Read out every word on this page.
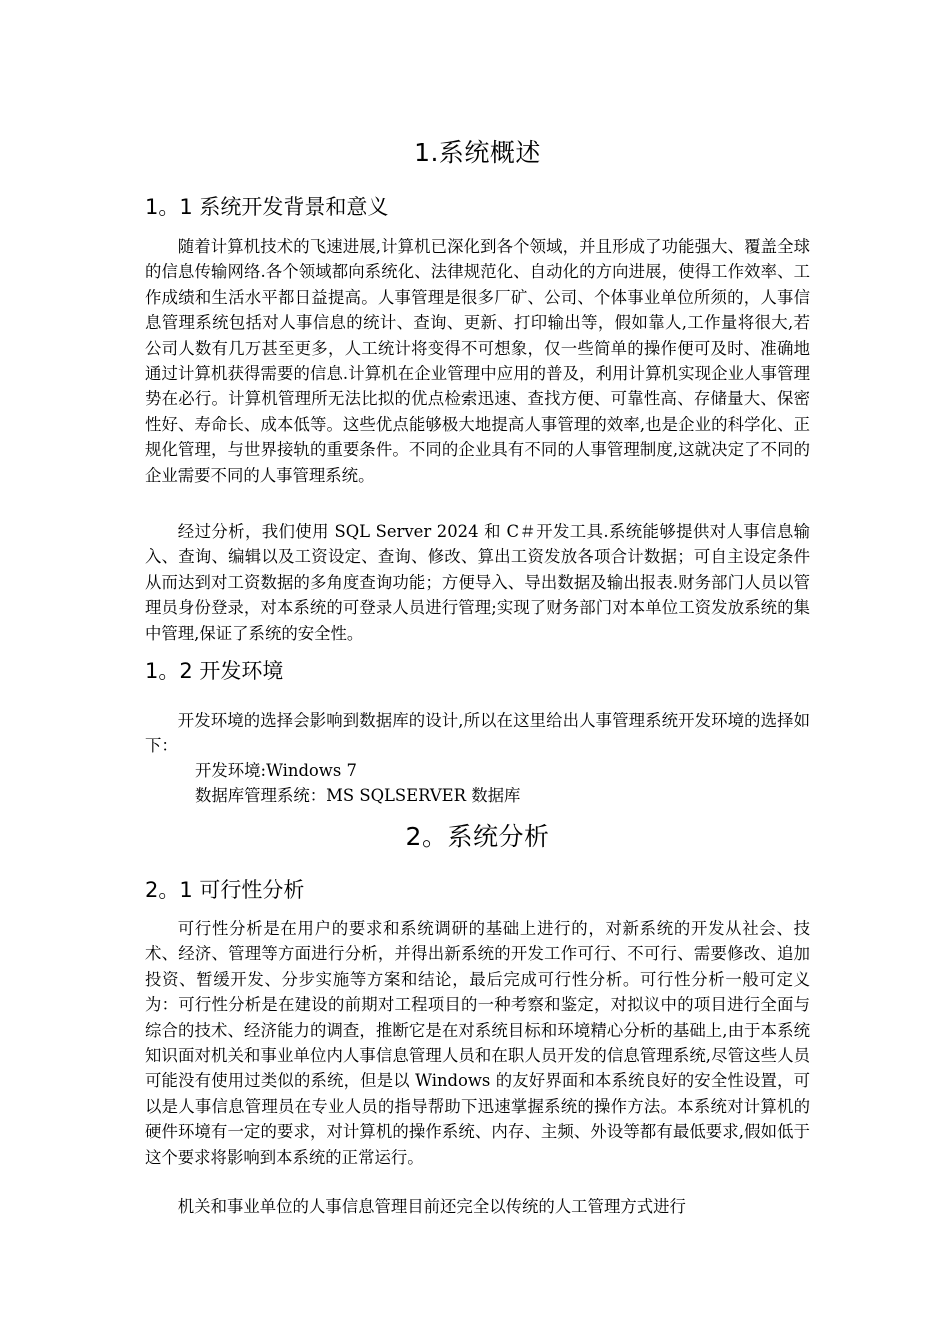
1.系统概述
1。1 系统开发背景和意义

随着计算机技术的飞速进展,计算机已深化到各个领域，并且形成了功能强大、覆盖全球的信息传输网络.各个领域都向系统化、法律规范化、自动化的方向进展，使得工作效率、工作成绩和生活水平都日益提高。人事管理是很多厂矿、公司、个体事业单位所须的，人事信息管理系统包括对人事信息的统计、查询、更新、打印输出等，假如靠人,工作量将很大,若公司人数有几万甚至更多，人工统计将变得不可想象，仅一些简单的操作便可及时、准确地通过计算机获得需要的信息.计算机在企业管理中应用的普及，利用计算机实现企业人事管理势在必行。计算机管理所无法比拟的优点检索迅速、查找方便、可靠性高、存储量大、保密性好、寿命长、成本低等。这些优点能够极大地提高人事管理的效率,也是企业的科学化、正规化管理，与世界接轨的重要条件。不同的企业具有不同的人事管理制度,这就决定了不同的企业需要不同的人事管理系统。

经过分析，我们使用 SQL Server 2024 和 C＃开发工具.系统能够提供对人事信息输入、查询、编辑以及工资设定、查询、修改、算出工资发放各项合计数据；可自主设定条件从而达到对工资数据的多角度查询功能；方便导入、导出数据及输出报表.财务部门人员以管理员身份登录，对本系统的可登录人员进行管理;实现了财务部门对本单位工资发放系统的集中管理,保证了系统的安全性。

1。2 开发环境

开发环境的选择会影响到数据库的设计,所以在这里给出人事管理系统开发环境的选择如下：

开发环境:Windows 7
数据库管理系统：MS SQLSERVER 数据库
2。系统分析
2。1 可行性分析

可行性分析是在用户的要求和系统调研的基础上进行的，对新系统的开发从社会、技术、经济、管理等方面进行分析，并得出新系统的开发工作可行、不可行、需要修改、追加投资、暂缓开发、分步实施等方案和结论，最后完成可行性分析。可行性分析一般可定义为：可行性分析是在建设的前期对工程项目的一种考察和鉴定，对拟议中的项目进行全面与综合的技术、经济能力的调查，推断它是在对系统目标和环境精心分析的基础上,由于本系统知识面对机关和事业单位内人事信息管理人员和在职人员开发的信息管理系统,尽管这些人员可能没有使用过类似的系统，但是以 Windows 的友好界面和本系统良好的安全性设置，可以是人事信息管理员在专业人员的指导帮助下迅速掌握系统的操作方法。本系统对计算机的硬件环境有一定的要求，对计算机的操作系统、内存、主频、外设等都有最低要求,假如低于这个要求将影响到本系统的正常运行。

机关和事业单位的人事信息管理目前还完全以传统的人工管理方式进行
